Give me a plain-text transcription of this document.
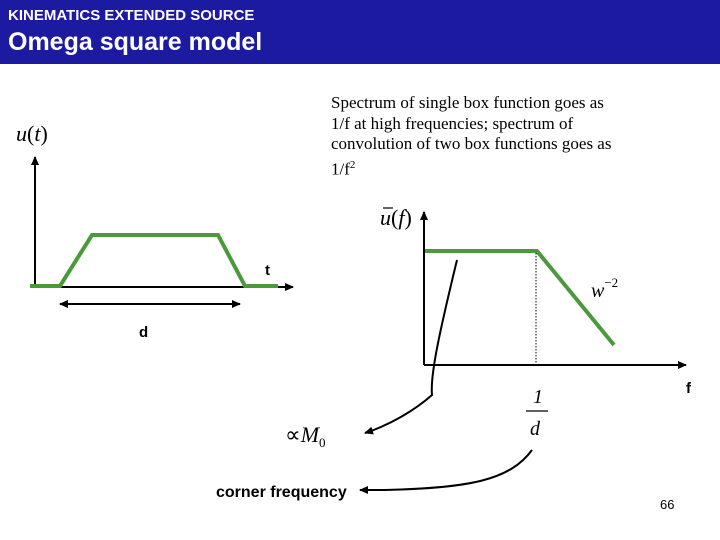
KINEMATICS EXTENDED SOURCE
Omega square model
Spectrum of single box function goes as 1/f at high frequencies; spectrum of convolution of two box functions goes as $1/f^2$
u(t)
t
d
u(f)
$w^{-2}$
f
1
d
$\propto M_0$
corner frequency
66
